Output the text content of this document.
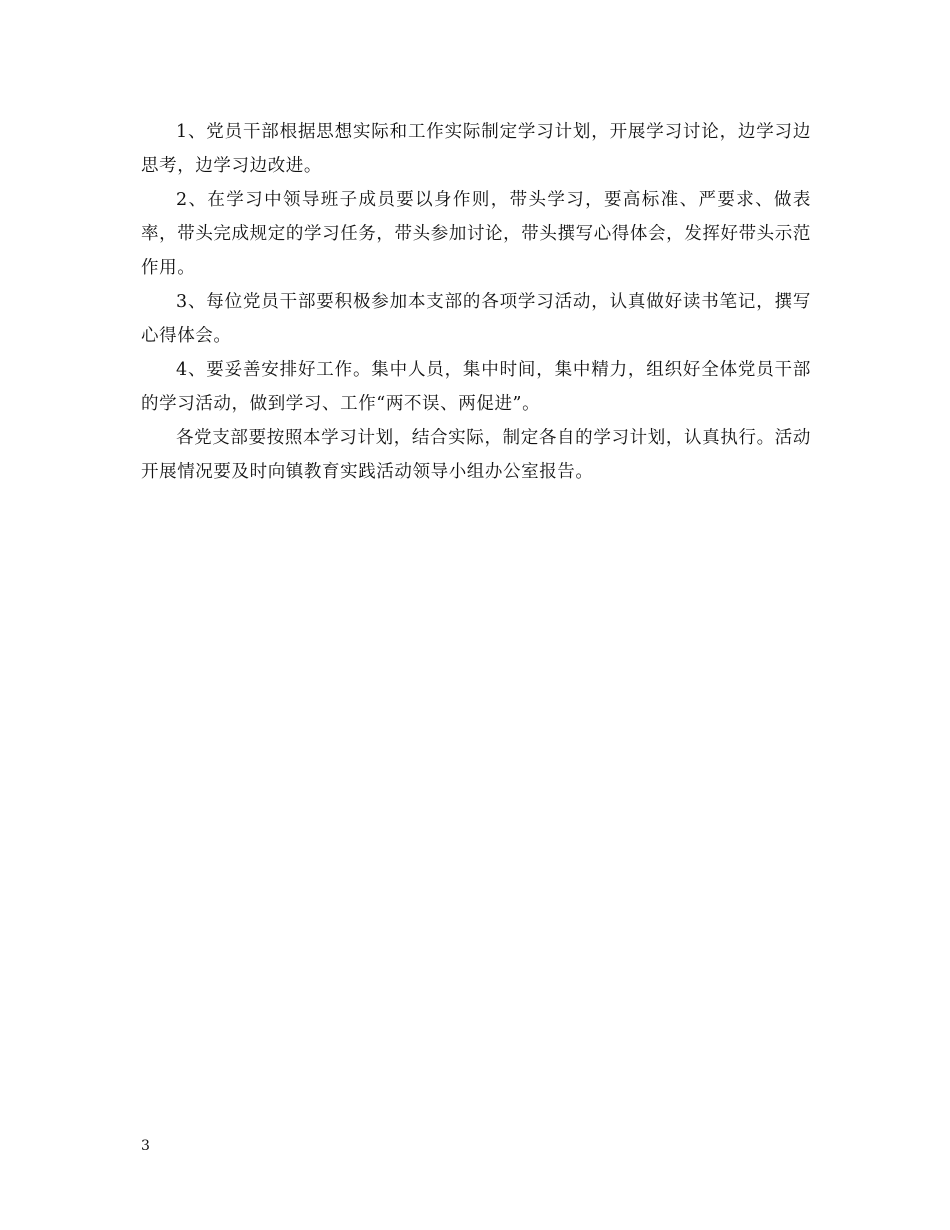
1、党员干部根据思想实际和工作实际制定学习计划，开展学习讨论，边学习边思考，边学习边改进。

2、在学习中领导班子成员要以身作则，带头学习，要高标准、严要求、做表率，带头完成规定的学习任务，带头参加讨论，带头撰写心得体会，发挥好带头示范作用。

3、每位党员干部要积极参加本支部的各项学习活动，认真做好读书笔记，撰写心得体会。

4、要妥善安排好工作。集中人员，集中时间，集中精力，组织好全体党员干部的学习活动，做到学习、工作“两不误、两促进”。

各党支部要按照本学习计划，结合实际，制定各自的学习计划，认真执行。活动开展情况要及时向镇教育实践活动领导小组办公室报告。

3
